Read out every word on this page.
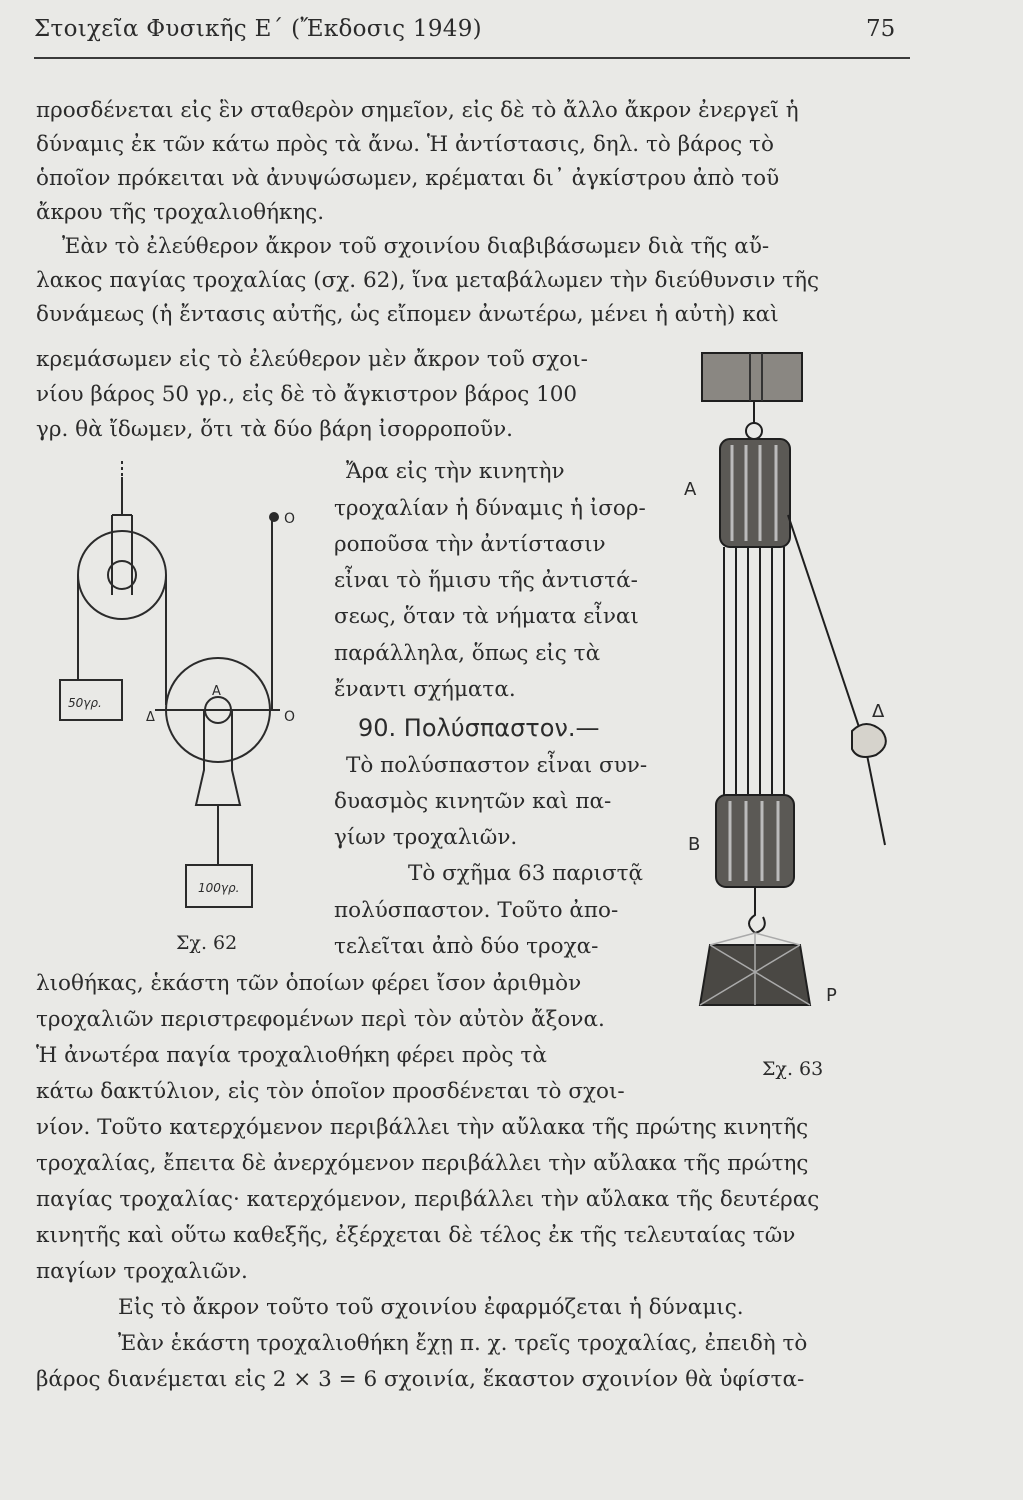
Στοιχεῖα Φυσικῆς Ε΄ (Ἔκδοσις 1949)	75
προσδένεται εἰς ἓν σταθερὸν σημεῖον, εἰς δὲ τὸ ἄλλο ἄκρον ἐνεργεῖ ἡ
δύναμις ἐκ τῶν κάτω πρὸς τὰ ἄνω. Ἡ ἀντίστασις, δηλ. τὸ βάρος τὸ
ὁποῖον πρόκειται νὰ ἀνυψώσωμεν, κρέμαται δι᾽ ἀγκίστρου ἀπὸ τοῦ
ἄκρου τῆς τροχαλιοθήκης.
Ἐὰν τὸ ἐλεύθερον ἄκρον τοῦ σχοινίου διαβιβάσωμεν διὰ τῆς αὔ-
λακος παγίας τροχαλίας (σχ. 62), ἵνα μεταβάλωμεν τὴν διεύθυνσιν τῆς
δυνάμεως (ἡ ἔντασις αὐτῆς, ὡς εἴπομεν ἀνωτέρω, μένει ἡ αὐτὴ) καὶ
κρεμάσωμεν εἰς τὸ ἐλεύθερον μὲν ἄκρον τοῦ σχοι-
νίου βάρος 50 γρ., εἰς δὲ τὸ ἄγκιστρον βάρος 100
γρ. θὰ ἴδωμεν, ὅτι τὰ δύο βάρη ἰσορροποῦν.
Ἄρα εἰς τὴν κινητὴν
τροχαλίαν ἡ δύναμις ἡ ἰσορ-
ροποῦσα τὴν ἀντίστασιν
εἶναι τὸ ἥμισυ τῆς ἀντιστά-
σεως, ὅταν τὰ νήματα εἶναι
παράλληλα, ὅπως εἰς τὰ
ἔναντι σχήματα.
90. Πολύσπαστον.—
Τὸ πολύσπαστον εἶναι συν-
δυασμὸς κινητῶν καὶ πα-
γίων τροχαλιῶν.
Τὸ σχῆμα 63 παριστᾷ
πολύσπαστον. Τοῦτο ἀπο-
τελεῖται ἀπὸ δύο τροχα-
λιοθήκας, ἑκάστη τῶν ὁποίων φέρει ἴσον ἀριθμὸν
τροχαλιῶν περιστρεφομένων περὶ τὸν αὐτὸν ἄξονα.
Ἡ ἀνωτέρα παγία τροχαλιοθήκη φέρει πρὸς τὰ
κάτω δακτύλιον, εἰς τὸν ὁποῖον προσδένεται τὸ σχοι-
νίον. Τοῦτο κατερχόμενον περιβάλλει τὴν αὔλακα τῆς πρώτης κινητῆς
τροχαλίας, ἔπειτα δὲ ἀνερχόμενον περιβάλλει τὴν αὔλακα τῆς πρώτης
παγίας τροχαλίας· κατερχόμενον, περιβάλλει τὴν αὔλακα τῆς δευτέρας
κινητῆς καὶ οὕτω καθεξῆς, ἐξέρχεται δὲ τέλος ἐκ τῆς τελευταίας τῶν
παγίων τροχαλιῶν.
Εἰς τὸ ἄκρον τοῦτο τοῦ σχοινίου ἐφαρμόζεται ἡ δύναμις.
Ἐὰν ἑκάστη τροχαλιοθήκη ἔχῃ π. χ. τρεῖς τροχαλίας, ἐπειδὴ τὸ
βάρος διανέμεται εἰς 2 × 3 = 6 σχοινία, ἕκαστον σχοινίον θὰ ὑφίστα-
50γρ.
100γρ.
A
Δ
O
O
Σχ. 62
A
B
P
Δ
Σχ. 63
